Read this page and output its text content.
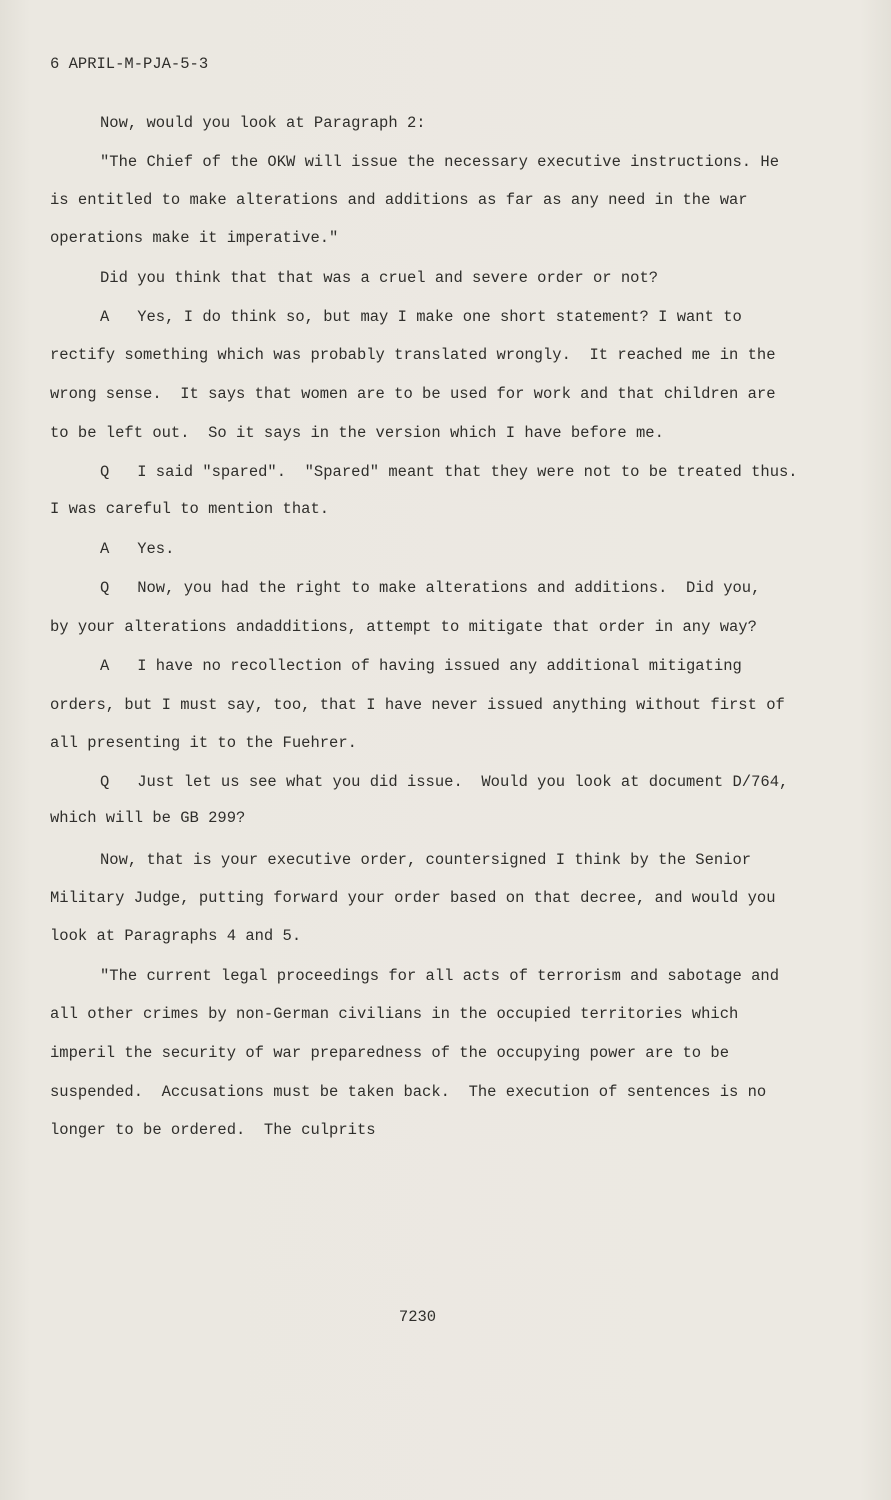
6 APRIL-M-PJA-5-3
Now, would you look at Paragraph 2:
"The Chief of the OKW will issue the necessary executive instructions. He
is entitled to make alterations and additions as far as any need in the war
operations make it imperative."
Did you think that that was a cruel and severe order or not?
A   Yes, I do think so, but may I make one short statement? I want to
rectify something which was probably translated wrongly.  It reached me in the
wrong sense.  It says that women are to be used for work and that children are
to be left out.  So it says in the version which I have before me.
Q   I said "spared".  "Spared" meant that they were not to be treated thus.
I was careful to mention that.
A   Yes.
Q   Now, you had the right to make alterations and additions.  Did you,
by your alterations andadditions, attempt to mitigate that order in any way?
A   I have no recollection of having issued any additional mitigating
orders, but I must say, too, that I have never issued anything without first of
all presenting it to the Fuehrer.
Q   Just let us see what you did issue.  Would you look at document D/764,
which will be GB 299?
Now, that is your executive order, countersigned I think by the Senior
Military Judge, putting forward your order based on that decree, and would you
look at Paragraphs 4 and 5.
"The current legal proceedings for all acts of terrorism and sabotage and
all other crimes by non-German civilians in the occupied territories which
imperil the security of war preparedness of the occupying power are to be
suspended.  Accusations must be taken back.  The execution of sentences is no
longer to be ordered.  The culprits
7230
